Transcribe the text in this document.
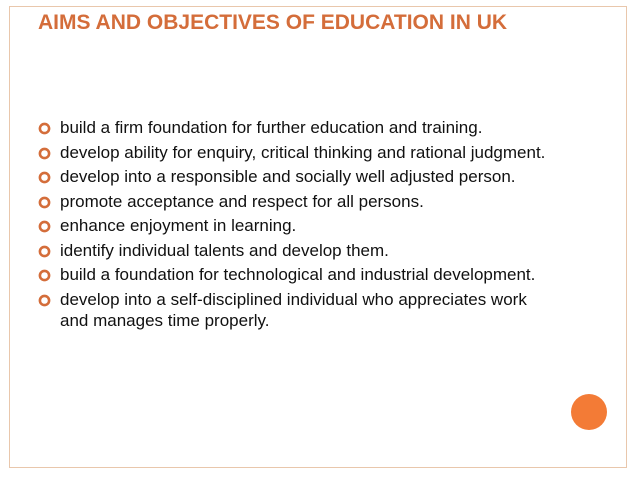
AIMS AND OBJECTIVES OF EDUCATION IN UK
build a firm foundation for further education and training.
develop ability for enquiry, critical thinking and rational judgment.
develop into a responsible and socially well adjusted person.
promote acceptance and respect for all persons.
enhance enjoyment in learning.
identify individual talents and develop them.
build a foundation for technological and industrial development.
develop into a self-disciplined individual who appreciates work and manages time properly.
